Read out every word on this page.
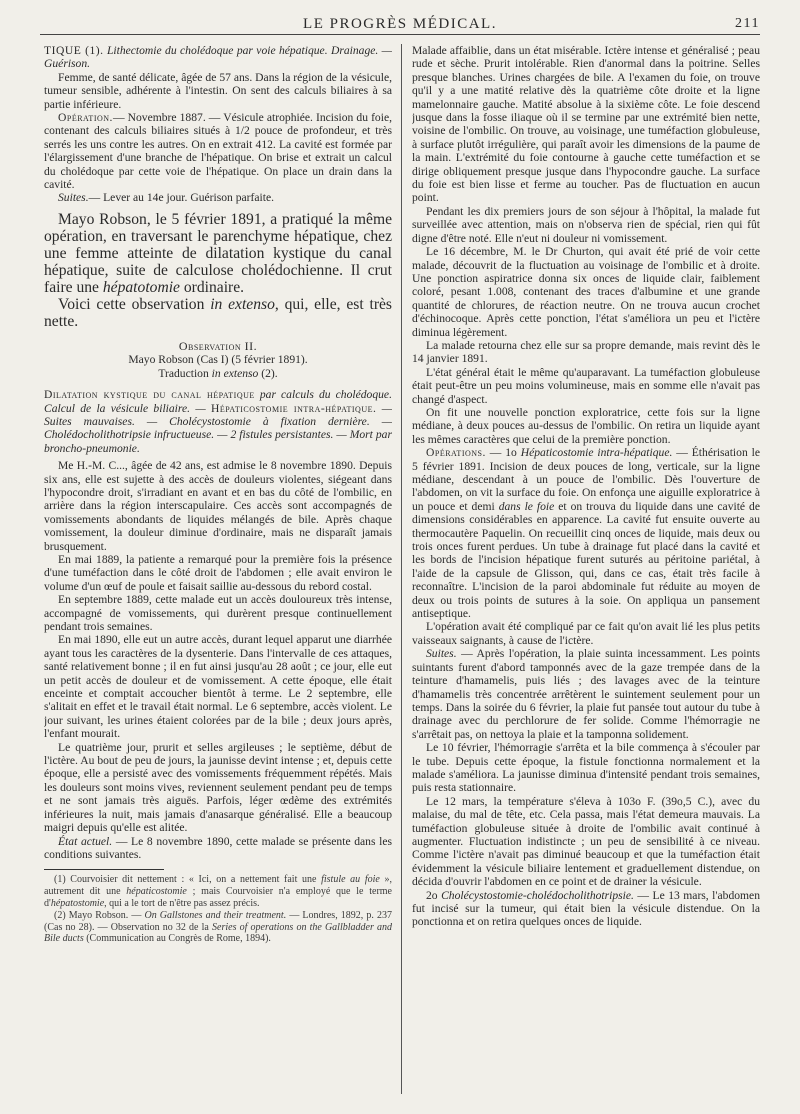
LE PROGRÈS MÉDICAL.	211

TIQUE (1). Lithectomie du cholédoque par voie hépatique. Drainage. — Guérison.

Femme, de santé délicate, âgée de 57 ans. Dans la région de la vésicule, tumeur sensible, adhérente à l'intestin. On sent des calculs biliaires à sa partie inférieure.

Opération.— Novembre 1887. — Vésicule atrophiée. Incision du foie, contenant des calculs biliaires situés à 1/2 pouce de profondeur, et très serrés les uns contre les autres. On en extrait 412. La cavité est formée par l'élargissement d'une branche de l'hépatique. On brise et extrait un calcul du cholédoque par cette voie de l'hépatique. On place un drain dans la cavité.

Suites.— Lever au 14e jour. Guérison parfaite.

Mayo Robson, le 5 février 1891, a pratiqué la même opération, en traversant le parenchyme hépatique, chez une femme atteinte de dilatation kystique du canal hépatique, suite de calculose cholédochienne. Il crut faire une hépatotomie ordinaire.

Voici cette observation in extenso, qui, elle, est très nette.

Observation II.

Mayo Robson (Cas I) (5 février 1891).

Traduction in extenso (2).

Dilatation kystique du canal hépatique par calculs du cholédoque. Calcul de la vésicule biliaire. — Hépaticostomie intra-hépatique. — Suites mauvaises. — Cholécystostomie à fixation dernière. — Cholédocholithotripsie infructueuse. — 2 fistules persistantes. — Mort par broncho-pneumonie.

Me H.-M. C..., âgée de 42 ans, est admise le 8 novembre 1890. Depuis six ans, elle est sujette à des accès de douleurs violentes, siégeant dans l'hypocondre droit, s'irradiant en avant et en bas du côté de l'ombilic, en arrière dans la région interscapulaire. Ces accès sont accompagnés de vomissements abondants de liquides mélangés de bile. Après chaque vomissement, la douleur diminue d'ordinaire, mais ne disparaît jamais brusquement.

En mai 1889, la patiente a remarqué pour la première fois la présence d'une tuméfaction dans le côté droit de l'abdomen ; elle avait environ le volume d'un œuf de poule et faisait saillie au-dessous du rebord costal.

En septembre 1889, cette malade eut un accès douloureux très intense, accompagné de vomissements, qui durèrent presque continuellement pendant trois semaines.

En mai 1890, elle eut un autre accès, durant lequel apparut une diarrhée ayant tous les caractères de la dysenterie. Dans l'intervalle de ces attaques, santé relativement bonne ; il en fut ainsi jusqu'au 28 août ; ce jour, elle eut un petit accès de douleur et de vomissement. A cette époque, elle était enceinte et comptait accoucher bientôt à terme. Le 2 septembre, elle s'alitait en effet et le travail était normal. Le 6 septembre, accès violent. Le jour suivant, les urines étaient colorées par de la bile ; deux jours après, l'enfant mourait.

Le quatrième jour, prurit et selles argileuses ; le septième, début de l'ictère. Au bout de peu de jours, la jaunisse devint intense ; et, depuis cette époque, elle a persisté avec des vomissements fréquemment répétés. Mais les douleurs sont moins vives, reviennent seulement pendant peu de temps et ne sont jamais très aiguës. Parfois, léger œdème des extrémités inférieures la nuit, mais jamais d'anasarque généralisé. Elle a beaucoup maigri depuis qu'elle est alitée.

État actuel. — Le 8 novembre 1890, cette malade se présente dans les conditions suivantes.

(1) Courvoisier dit nettement : « Ici, on a nettement fait une fistule au foie », autrement dit une hépaticostomie ; mais Courvoisier n'a employé que le terme d'hépatostomie, qui a le tort de n'être pas assez précis.

(2) Mayo Robson. — On Gallstones and their treatment. — Londres, 1892, p. 237 (Cas no 28). — Observation no 32 de la Series of operations on the Gallbladder and Bile ducts (Communication au Congrès de Rome, 1894).

Malade affaiblie, dans un état misérable. Ictère intense et généralisé ; peau rude et sèche. Prurit intolérable. Rien d'anormal dans la poitrine. Selles presque blanches. Urines chargées de bile. A l'examen du foie, on trouve qu'il y a une matité relative dès la quatrième côte droite et la ligne mamelonnaire gauche. Matité absolue à la sixième côte. Le foie descend jusque dans la fosse iliaque où il se termine par une extrémité bien nette, voisine de l'ombilic. On trouve, au voisinage, une tuméfaction globuleuse, à surface plutôt irrégulière, qui paraît avoir les dimensions de la paume de la main. L'extrémité du foie contourne à gauche cette tuméfaction et se dirige obliquement presque jusque dans l'hypocondre gauche. La surface du foie est bien lisse et ferme au toucher. Pas de fluctuation en aucun point.

Pendant les dix premiers jours de son séjour à l'hôpital, la malade fut surveillée avec attention, mais on n'observa rien de spécial, rien qui fût digne d'être noté. Elle n'eut ni douleur ni vomissement.

Le 16 décembre, M. le Dr Churton, qui avait été prié de voir cette malade, découvrit de la fluctuation au voisinage de l'ombilic et à droite. Une ponction aspiratrice donna six onces de liquide clair, faiblement coloré, pesant 1.008, contenant des traces d'albumine et une grande quantité de chlorures, de réaction neutre. On ne trouva aucun crochet d'échinocoque. Après cette ponction, l'état s'améliora un peu et l'ictère diminua légèrement.

La malade retourna chez elle sur sa propre demande, mais revint dès le 14 janvier 1891.

L'état général était le même qu'auparavant. La tuméfaction globuleuse était peut-être un peu moins volumineuse, mais en somme elle n'avait pas changé d'aspect.

On fit une nouvelle ponction exploratrice, cette fois sur la ligne médiane, à deux pouces au-dessus de l'ombilic. On retira un liquide ayant les mêmes caractères que celui de la première ponction.

Opérations. — 1o Hépaticostomie intra-hépatique. — Éthérisation le 5 février 1891. Incision de deux pouces de long, verticale, sur la ligne médiane, descendant à un pouce de l'ombilic. Dès l'ouverture de l'abdomen, on vit la surface du foie. On enfonça une aiguille exploratrice à un pouce et demi dans le foie et on trouva du liquide dans une cavité de dimensions considérables en apparence. La cavité fut ensuite ouverte au thermocautère Paquelin. On recueillit cinq onces de liquide, mais deux ou trois onces furent perdues. Un tube à drainage fut placé dans la cavité et les bords de l'incision hépatique furent suturés au péritoine pariétal, à l'aide de la capsule de Glisson, qui, dans ce cas, était très facile à reconnaître. L'incision de la paroi abdominale fut réduite au moyen de deux ou trois points de sutures à la soie. On appliqua un pansement antiseptique.

L'opération avait été compliqué par ce fait qu'on avait lié les plus petits vaisseaux saignants, à cause de l'ictère.

Suites. — Après l'opération, la plaie suinta incessamment. Les points suintants furent d'abord tamponnés avec de la gaze trempée dans de la teinture d'hamamelis, puis liés ; des lavages avec de la teinture d'hamamelis très concentrée arrêtèrent le suintement seulement pour un temps. Dans la soirée du 6 février, la plaie fut pansée tout autour du tube à drainage avec du perchlorure de fer solide. Comme l'hémorragie ne s'arrêtait pas, on nettoya la plaie et la tamponna solidement.

Le 10 février, l'hémorragie s'arrêta et la bile commença à s'écouler par le tube. Depuis cette époque, la fistule fonctionna normalement et la malade s'améliora. La jaunisse diminua d'intensité pendant trois semaines, puis resta stationnaire.

Le 12 mars, la température s'éleva à 103o F. (39o,5 C.), avec du malaise, du mal de tête, etc. Cela passa, mais l'état demeura mauvais. La tuméfaction globuleuse située à droite de l'ombilic avait continué à augmenter. Fluctuation indistincte ; un peu de sensibilité à ce niveau. Comme l'ictère n'avait pas diminué beaucoup et que la tuméfaction était évidemment la vésicule biliaire lentement et graduellement distendue, on décida d'ouvrir l'abdomen en ce point et de drainer la vésicule.

2o Cholécystostomie-cholédocholithotripsie. — Le 13 mars, l'abdomen fut incisé sur la tumeur, qui était bien la vésicule distendue. On la ponctionna et on retira quelques onces de liquide.
